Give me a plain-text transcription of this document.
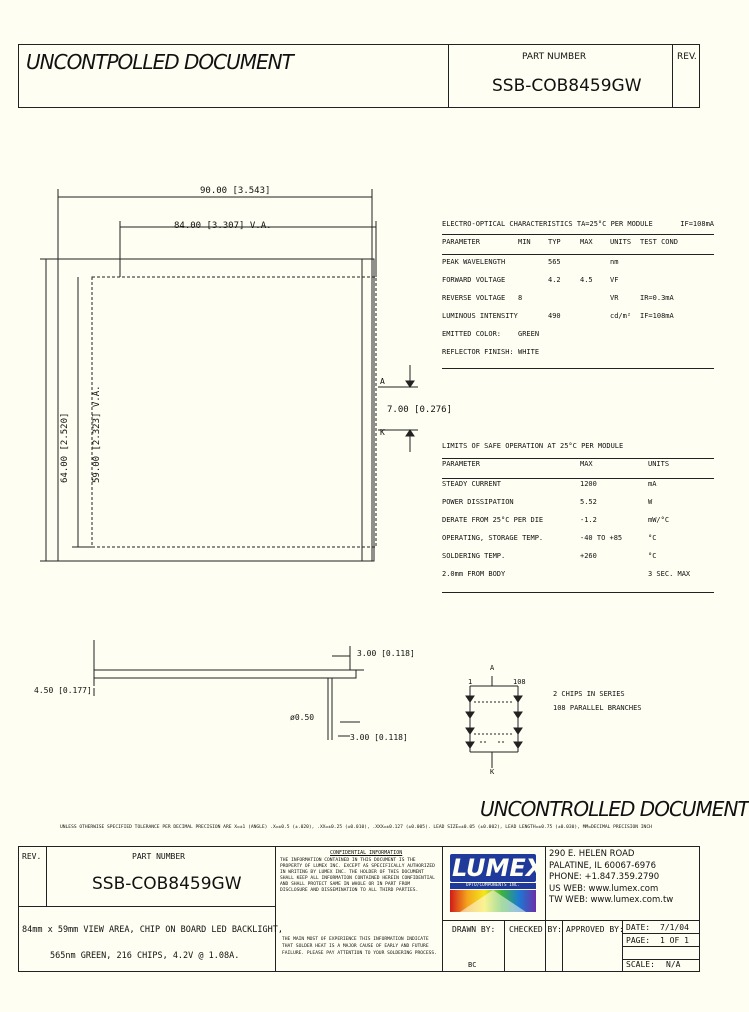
UNCONTPOLLED DOCUMENT	PART NUMBER
SSB-COB8459GW
REV.
90.00 [3.543]
84.00 [3.307] V.A.
64.00 [2.520] 59.00 [2.323] V.A.
A
7.00 [0.276]
K
3.00 [0.118]
4.50 [0.177]
ø0.50
3.00 [0.118]
ELECTRO-OPTICAL CHARACTERISTICS TA=25°C PER MODULE	IF=108mA
PARAMETER	MIN TYP	MAX UNITS TEST COND
PEAK WAVELENGTH	565	nm
FORWARD VOLTAGE	4.2	4.5 VF
REVERSE VOLTAGE 8	VR	IR=0.3mA
LUMINOUS INTENSITY	490	cd/m² IF=108mA
EMITTED COLOR: GREEN
REFLECTOR FINISH: WHITE
LIMITS OF SAFE OPERATION AT 25°C PER MODULE
PARAMETER	MAX	UNITS
STEADY CURRENT	1200	mA
POWER DISSIPATION	5.52	W
DERATE FROM 25°C PER DIE	-1.2	mW/°C
OPERATING, STORAGE TEMP.	-40 TO +85	°C
SOLDERING TEMP.	+260	°C
2.0mm FROM BODY	3 SEC. MAX
A
1	108
K
2 CHIPS IN SERIES
108 PARALLEL BRANCHES
UNCONTROLLED DOCUMENT
UNLESS OTHERWISE SPECIFIED TOLERANCE PER DECIMAL PRECISION ARE X=±1 (ANGLE) .X=±0.5 (±.020), .XX=±0.25 (±0.010), .XXX=±0.127 (±0.005). LEAD SIZE=±0.05 (±0.002), LEAD LENGTH=±0.75 (±0.030), MM=DECIMAL PRECISION INCH
REV.	PART NUMBER
SSB-COB8459GW
84mm x 59mm VIEW AREA, CHIP ON BOARD LED BACKLIGHT,
565nm GREEN, 216 CHIPS, 4.2V @ 1.08A.
CONFIDENTIAL INFORMATION
THE INFORMATION CONTAINED IN THIS DOCUMENT IS THE PROPERTY OF LUMEX INC. EXCEPT AS SPECIFICALLY AUTHORIZED IN WRITING BY LUMEX INC. THE HOLDER OF THIS DOCUMENT SHALL KEEP ALL INFORMATION CONTAINED HEREIN CONFIDENTIAL AND SHALL PROTECT SAME IN WHOLE OR IN PART FROM DISCLOSURE AND DISSEMINATION TO ALL THIRD PARTIES.
THE MAIN MOST OF EXPERIENCE THIS INFORMATION INDICATE THAT SOLDER HEAT IS A MAJOR CAUSE OF EARLY AND FUTURE FAILURE. PLEASE PAY ATTENTION TO YOUR SOLDERING PROCESS.
LUMEX
OPTO/COMPONENTS INC.
290 E. HELEN ROAD
PALATINE, IL 60067-6976
PHONE: +1.847.359.2790
US WEB: www.lumex.com
TW WEB: www.lumex.com.tw
DRAWN BY:
BC
CHECKED BY: APPROVED BY: DATE: 7/1/04
PAGE: 1 OF 1
SCALE: N/A
